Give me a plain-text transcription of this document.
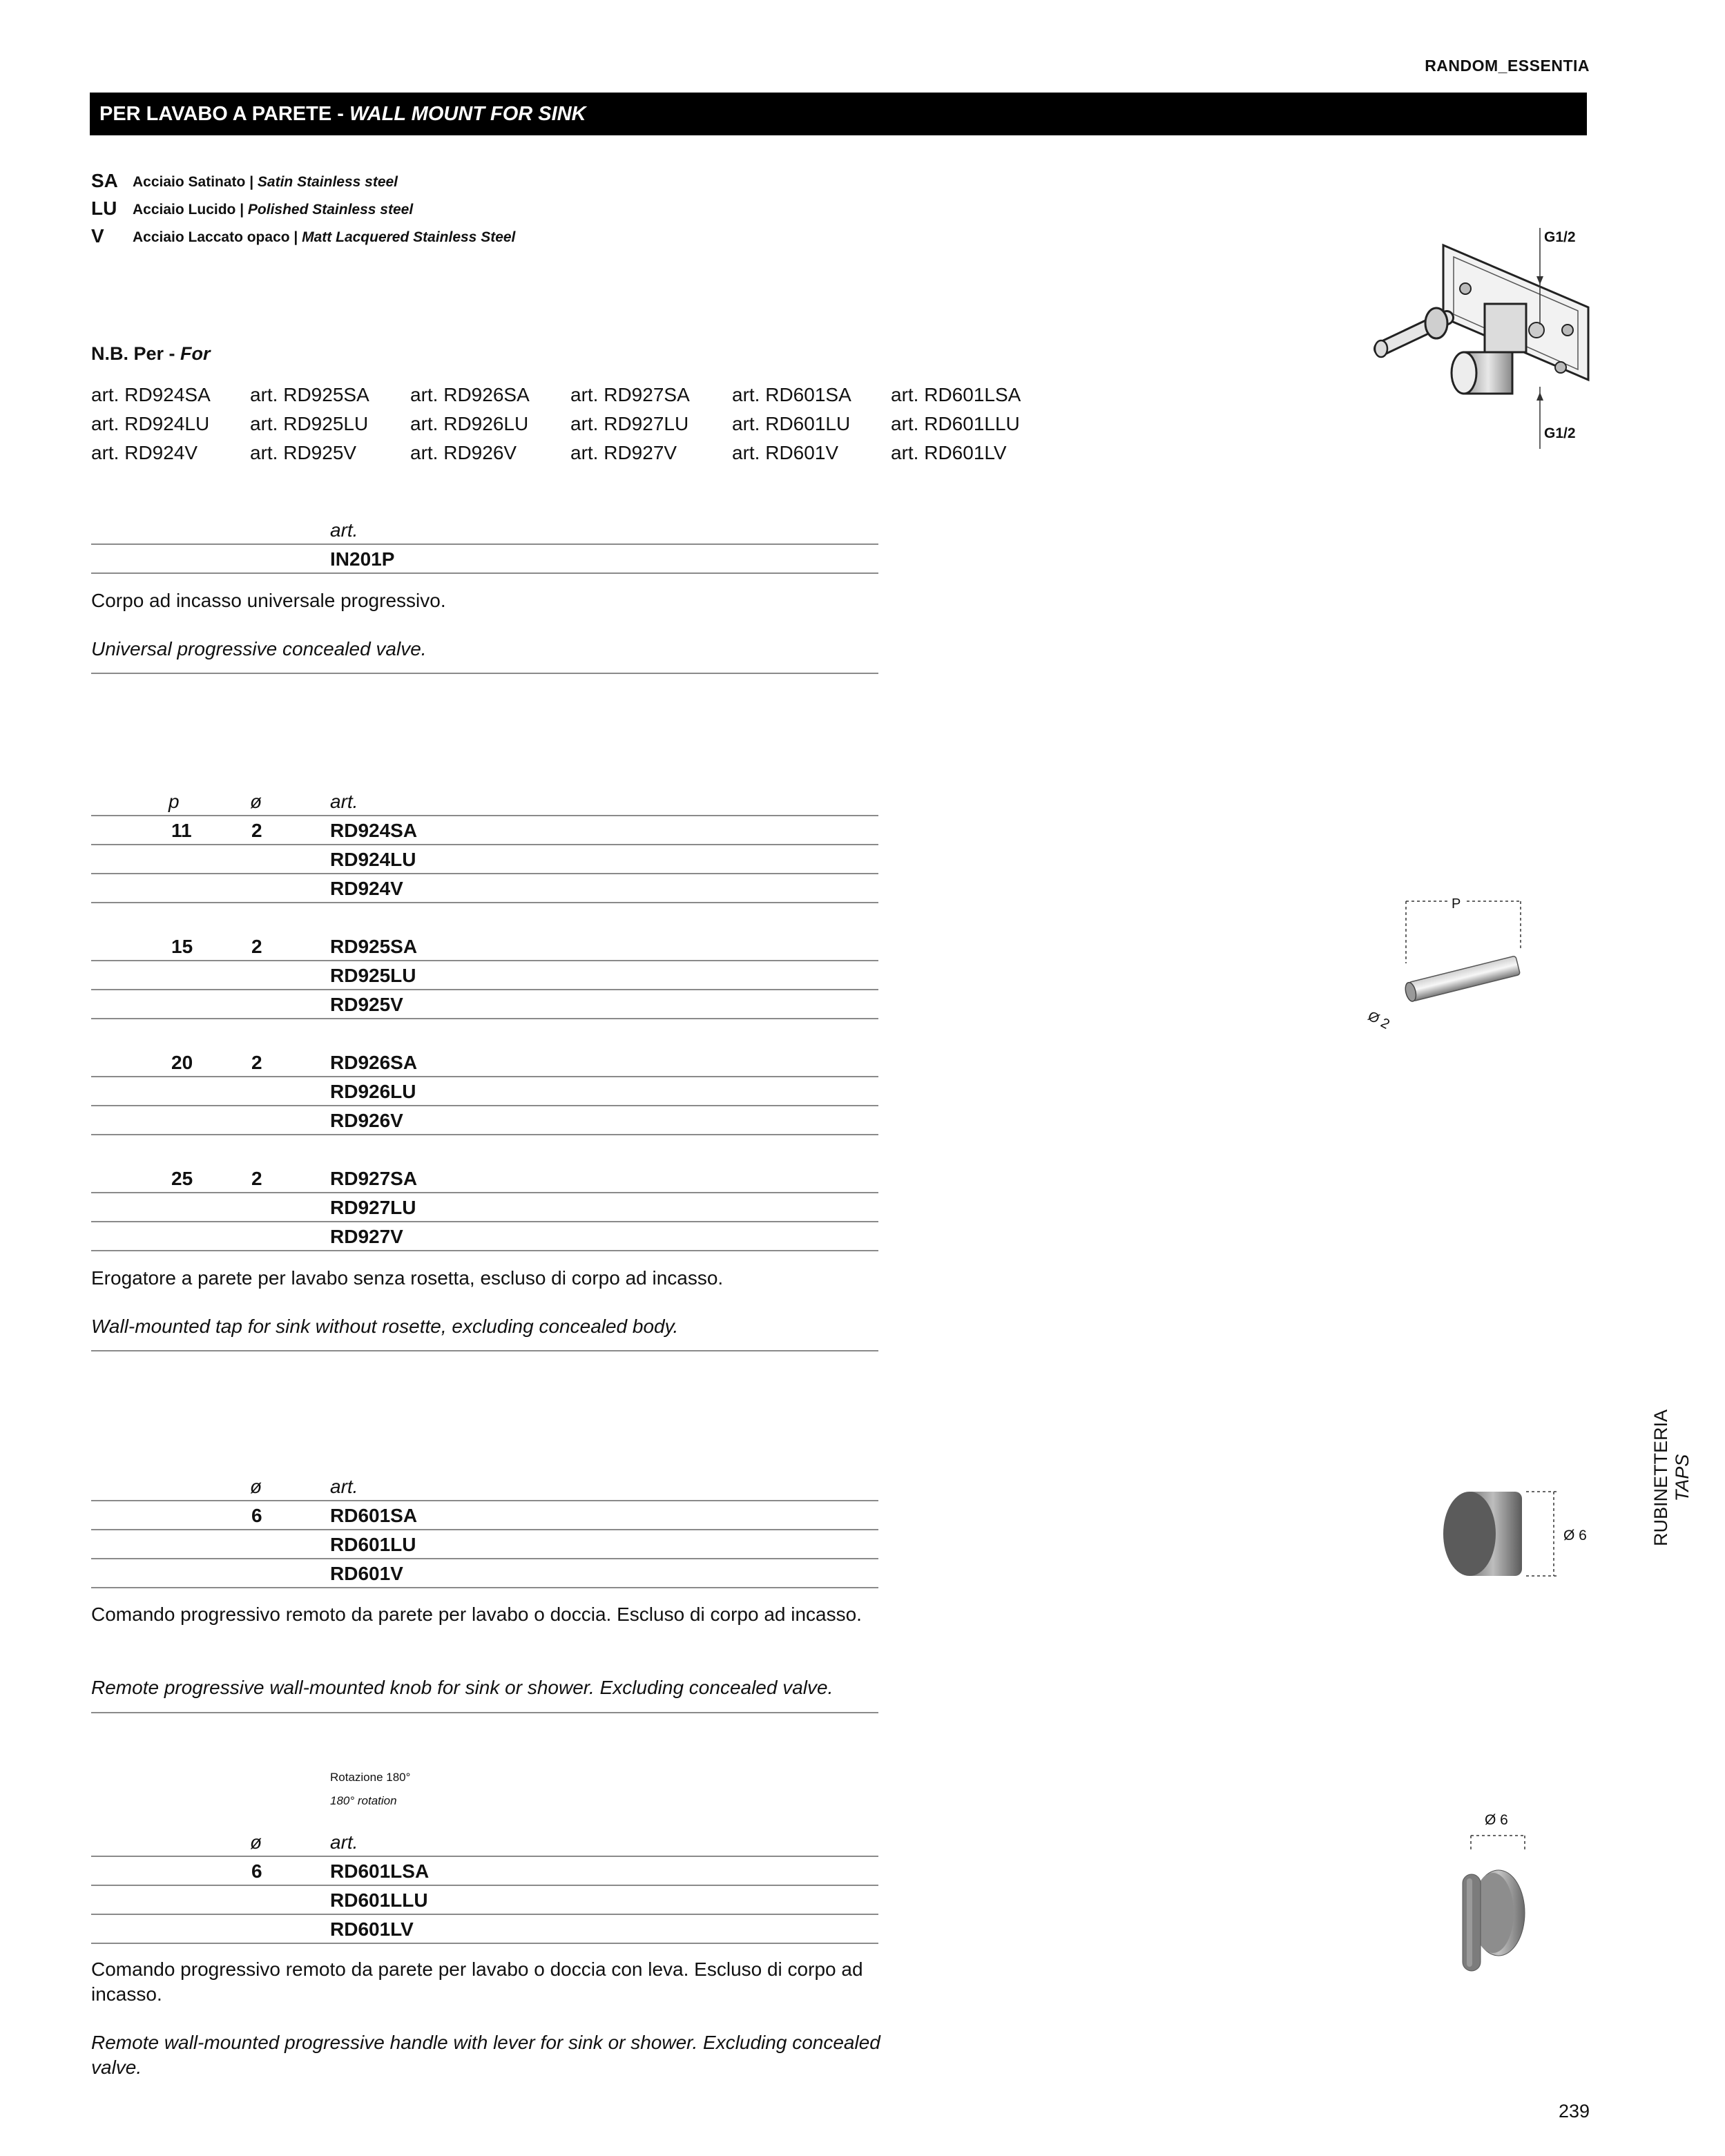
RANDOM_ESSENTIA
PER LAVABO A PARETE - WALL MOUNT FOR SINK
SA Acciaio Satinato | Satin Stainless steel
LU Acciaio Lucido | Polished Stainless steel
V Acciaio Laccato opaco | Matt Lacquered Stainless Steel
N.B. Per - For
art. RD924SA art. RD925SA art. RD926SA art. RD927SA art. RD601SA art. RD601LSA
art. RD924LU art. RD925LU art. RD926LU art. RD927LU art. RD601LU art. RD601LLU
art. RD924V	art. RD925V	art. RD926V	art. RD927V	art. RD601V	art. RD601LV
art.
IN201P
Corpo ad incasso universale progressivo.
Universal progressive concealed valve.
p	ø	art.
11	2	RD924SA
RD924LU
RD924V
15	2	RD925SA
RD925LU
RD925V
20	2	RD926SA
RD926LU
RD926V
25	2	RD927SA
RD927LU
RD927V
Erogatore a parete per lavabo senza rosetta, escluso di corpo ad incasso.
Wall-mounted tap for sink without rosette, excluding concealed body.
ø	art.
6	RD601SA
RD601LU
RD601V
Comando progressivo remoto da parete per lavabo o doccia. Escluso di corpo ad incasso.
Remote progressive wall-mounted knob for sink or shower. Excluding concealed valve.
Rotazione 180°
180° rotation
ø	art.
6	RD601LSA
RD601LLU
RD601LV
Comando progressivo remoto da parete per lavabo o doccia con leva. Escluso di corpo ad incasso.
Remote wall-mounted progressive handle with lever for sink or shower. Excluding concealed valve.
G1/2
G1/2
P
Ø 2
Ø 6
Ø 6
RUBINETTERIA TAPS
239
